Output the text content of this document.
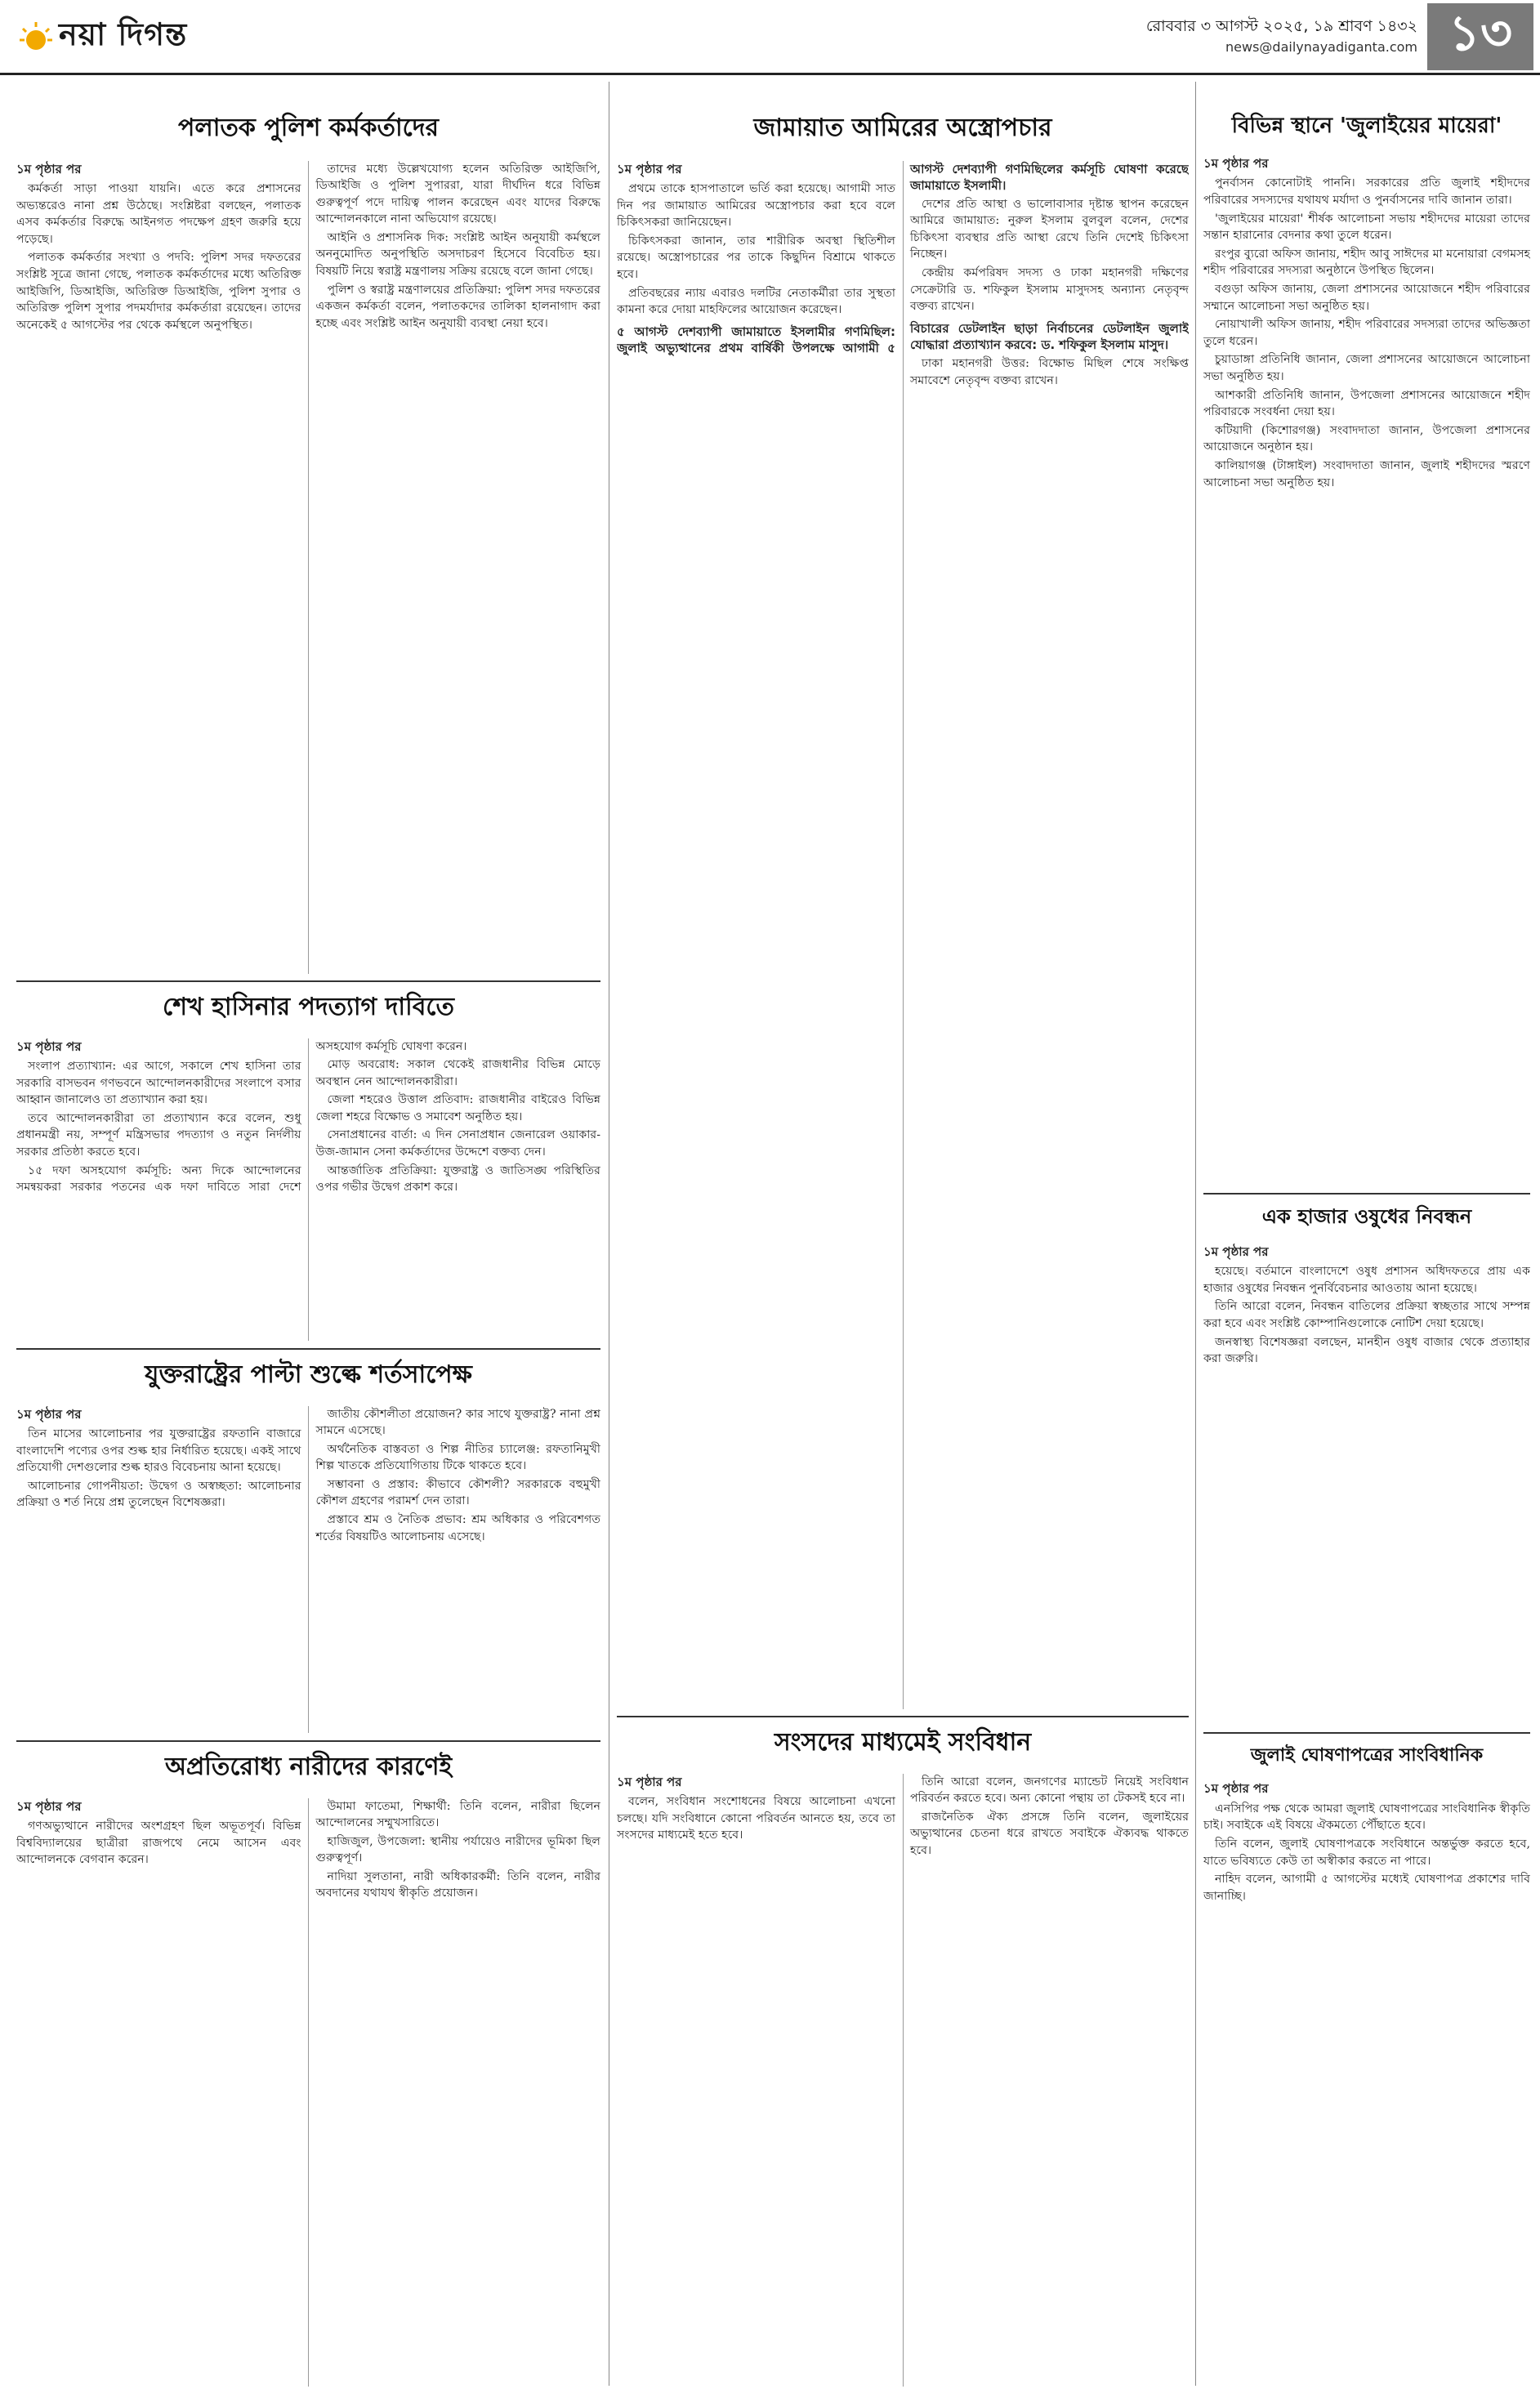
নয়া দিগন্ত	রোববার ৩ আগস্ট ২০২৫, ১৯ শ্রাবণ ১৪৩২
news@dailynayadiganta.com ১৩
পলাতক পুলিশ কর্মকর্তাদের
১ম পৃষ্ঠার পর

কর্মকর্তা সাড়া পাওয়া যায়নি। এতে করে প্রশাসনের অভ্যন্তরেও নানা প্রশ্ন উঠেছে। সংশ্লিষ্টরা বলছেন, পলাতক এসব কর্মকর্তার বিরুদ্ধে আইনগত পদক্ষেপ গ্রহণ জরুরি হয়ে পড়েছে।

পলাতক কর্মকর্তার সংখ্যা ও পদবি: পুলিশ সদর দফতরের সংশ্লিষ্ট সূত্রে জানা গেছে, পলাতক কর্মকর্তাদের মধ্যে অতিরিক্ত আইজিপি, ডিআইজি, অতিরিক্ত ডিআইজি, পুলিশ সুপার ও অতিরিক্ত পুলিশ সুপার পদমর্যাদার কর্মকর্তারা রয়েছেন। তাদের অনেকেই ৫ আগস্টের পর থেকে কর্মস্থলে অনুপস্থিত।

তাদের মধ্যে উল্লেখযোগ্য হলেন অতিরিক্ত আইজিপি, ডিআইজি ও পুলিশ সুপাররা, যারা দীর্ঘদিন ধরে বিভিন্ন গুরুত্বপূর্ণ পদে দায়িত্ব পালন করেছেন এবং যাদের বিরুদ্ধে আন্দোলনকালে নানা অভিযোগ রয়েছে।

আইনি ও প্রশাসনিক দিক: সংশ্লিষ্ট আইন অনুযায়ী কর্মস্থলে অননুমোদিত অনুপস্থিতি অসদাচরণ হিসেবে বিবেচিত হয়। বিষয়টি নিয়ে স্বরাষ্ট্র মন্ত্রণালয় সক্রিয় রয়েছে বলে জানা গেছে।

পুলিশ ও স্বরাষ্ট্র মন্ত্রণালয়ের প্রতিক্রিয়া: পুলিশ সদর দফতরের একজন কর্মকর্তা বলেন, পলাতকদের তালিকা হালনাগাদ করা হচ্ছে এবং সংশ্লিষ্ট আইন অনুযায়ী ব্যবস্থা নেয়া হবে।

শেখ হাসিনার পদত্যাগ দাবিতে
১ম পৃষ্ঠার পর

সংলাপ প্রত্যাখ্যান: এর আগে, সকালে শেখ হাসিনা তার সরকারি বাসভবন গণভবনে আন্দোলনকারীদের সংলাপে বসার আহ্বান জানালেও তা প্রত্যাখ্যান করা হয়।

তবে আন্দোলনকারীরা তা প্রত্যাখ্যান করে বলেন, শুধু প্রধানমন্ত্রী নয়, সম্পূর্ণ মন্ত্রিসভার পদত্যাগ ও নতুন নির্দলীয় সরকার প্রতিষ্ঠা করতে হবে।

১৫ দফা অসহযোগ কর্মসূচি: অন্য দিকে আন্দোলনের সমন্বয়করা সরকার পতনের এক দফা দাবিতে সারা দেশে অসহযোগ কর্মসূচি ঘোষণা করেন।

মোড় অবরোধ: সকাল থেকেই রাজধানীর বিভিন্ন মোড়ে অবস্থান নেন আন্দোলনকারীরা।

জেলা শহরেও উত্তাল প্রতিবাদ: রাজধানীর বাইরেও বিভিন্ন জেলা শহরে বিক্ষোভ ও সমাবেশ অনুষ্ঠিত হয়।

সেনাপ্রধানের বার্তা: এ দিন সেনাপ্রধান জেনারেল ওয়াকার-উজ-জামান সেনা কর্মকর্তাদের উদ্দেশে বক্তব্য দেন।

আন্তর্জাতিক প্রতিক্রিয়া: যুক্তরাষ্ট্র ও জাতিসঙ্ঘ পরিস্থিতির ওপর গভীর উদ্বেগ প্রকাশ করে।

যুক্তরাষ্ট্রের পাল্টা শুল্কে শর্তসাপেক্ষ
১ম পৃষ্ঠার পর

তিন মাসের আলোচনার পর যুক্তরাষ্ট্রের রফতানি বাজারে বাংলাদেশি পণ্যের ওপর শুল্ক হার নির্ধারিত হয়েছে। একই সাথে প্রতিযোগী দেশগুলোর শুল্ক হারও বিবেচনায় আনা হয়েছে।

আলোচনার গোপনীয়তা: উদ্বেগ ও অস্বচ্ছতা: আলোচনার প্রক্রিয়া ও শর্ত নিয়ে প্রশ্ন তুলেছেন বিশেষজ্ঞরা।

জাতীয় কৌশলীতা প্রয়োজন? কার সাথে যুক্তরাষ্ট্র? নানা প্রশ্ন সামনে এসেছে।

অর্থনৈতিক বাস্তবতা ও শিল্প নীতির চ্যালেঞ্জ: রফতানিমুখী শিল্প খাতকে প্রতিযোগিতায় টিকে থাকতে হবে।

সম্ভাবনা ও প্রস্তাব: কীভাবে কৌশলী? সরকারকে বহুমুখী কৌশল গ্রহণের পরামর্শ দেন তারা।

প্রস্তাবে শ্রম ও নৈতিক প্রভাব: শ্রম অধিকার ও পরিবেশগত শর্তের বিষয়টিও আলোচনায় এসেছে।

অপ্রতিরোধ্য নারীদের কারণেই
১ম পৃষ্ঠার পর

গণঅভ্যুত্থানে নারীদের অংশগ্রহণ ছিল অভূতপূর্ব। বিভিন্ন বিশ্ববিদ্যালয়ের ছাত্রীরা রাজপথে নেমে আসেন এবং আন্দোলনকে বেগবান করেন।

উমামা ফাতেমা, শিক্ষার্থী: তিনি বলেন, নারীরা ছিলেন আন্দোলনের সম্মুখসারিতে।

হাজিজুল, উপজেলা: স্থানীয় পর্যায়েও নারীদের ভূমিকা ছিল গুরুত্বপূর্ণ।

নাদিয়া সুলতানা, নারী অধিকারকর্মী: তিনি বলেন, নারীর অবদানের যথাযথ স্বীকৃতি প্রয়োজন।

জামায়াত আমিরের অস্ত্রোপচার
১ম পৃষ্ঠার পর

প্রথমে তাকে হাসপাতালে ভর্তি করা হয়েছে। আগামী সাত দিন পর জামায়াত আমিরের অস্ত্রোপচার করা হবে বলে চিকিৎসকরা জানিয়েছেন।

চিকিৎসকরা জানান, তার শারীরিক অবস্থা স্থিতিশীল রয়েছে। অস্ত্রোপচারের পর তাকে কিছুদিন বিশ্রামে থাকতে হবে।

প্রতিবছরের ন্যায় এবারও দলটির নেতাকর্মীরা তার সুস্থতা কামনা করে দোয়া মাহফিলের আয়োজন করেছেন।

৫ আগস্ট দেশব্যাপী জামায়াতে ইসলামীর গণমিছিল: জুলাই অভ্যুত্থানের প্রথম বার্ষিকী উপলক্ষে আগামী ৫ আগস্ট দেশব্যাপী গণমিছিলের কর্মসূচি ঘোষণা করেছে জামায়াতে ইসলামী।

দেশের প্রতি আস্থা ও ভালোবাসার দৃষ্টান্ত স্থাপন করেছেন আমিরে জামায়াত: নুরুল ইসলাম বুলবুল বলেন, দেশের চিকিৎসা ব্যবস্থার প্রতি আস্থা রেখে তিনি দেশেই চিকিৎসা নিচ্ছেন।

কেন্দ্রীয় কর্মপরিষদ সদস্য ও ঢাকা মহানগরী দক্ষিণের সেক্রেটারি ড. শফিকুল ইসলাম মাসুদসহ অন্যান্য নেতৃবৃন্দ বক্তব্য রাখেন।

বিচারের ডেটলাইন ছাড়া নির্বাচনের ডেটলাইন জুলাই যোদ্ধারা প্রত্যাখ্যান করবে: ড. শফিকুল ইসলাম মাসুদ।

ঢাকা মহানগরী উত্তর: বিক্ষোভ মিছিল শেষে সংক্ষিপ্ত সমাবেশে নেতৃবৃন্দ বক্তব্য রাখেন।

সংসদের মাধ্যমেই সংবিধান
১ম পৃষ্ঠার পর

বলেন, সংবিধান সংশোধনের বিষয়ে আলোচনা এখনো চলছে। যদি সংবিধানে কোনো পরিবর্তন আনতে হয়, তবে তা সংসদের মাধ্যমেই হতে হবে।

তিনি আরো বলেন, জনগণের ম্যান্ডেট নিয়েই সংবিধান পরিবর্তন করতে হবে। অন্য কোনো পন্থায় তা টেকসই হবে না।

রাজনৈতিক ঐক্য প্রসঙ্গে তিনি বলেন, জুলাইয়ের অভ্যুত্থানের চেতনা ধরে রাখতে সবাইকে ঐক্যবদ্ধ থাকতে হবে।

বিভিন্ন স্থানে 'জুলাইয়ের মায়েরা'
১ম পৃষ্ঠার পর

পুনর্বাসন কোনোটাই পাননি। সরকারের প্রতি জুলাই শহীদদের পরিবারের সদস্যদের যথাযথ মর্যাদা ও পুনর্বাসনের দাবি জানান তারা।

'জুলাইয়ের মায়েরা' শীর্ষক আলোচনা সভায় শহীদদের মায়েরা তাদের সন্তান হারানোর বেদনার কথা তুলে ধরেন।

রংপুর ব্যুরো অফিস জানায়, শহীদ আবু সাঈদের মা মনোয়ারা বেগমসহ শহীদ পরিবারের সদস্যরা অনুষ্ঠানে উপস্থিত ছিলেন।

বগুড়া অফিস জানায়, জেলা প্রশাসনের আয়োজনে শহীদ পরিবারের সম্মানে আলোচনা সভা অনুষ্ঠিত হয়।

নোয়াখালী অফিস জানায়, শহীদ পরিবারের সদস্যরা তাদের অভিজ্ঞতা তুলে ধরেন।

চুয়াডাঙ্গা প্রতিনিধি জানান, জেলা প্রশাসনের আয়োজনে আলোচনা সভা অনুষ্ঠিত হয়।

আশকারী প্রতিনিধি জানান, উপজেলা প্রশাসনের আয়োজনে শহীদ পরিবারকে সংবর্ধনা দেয়া হয়।

কটিয়াদী (কিশোরগঞ্জ) সংবাদদাতা জানান, উপজেলা প্রশাসনের আয়োজনে অনুষ্ঠান হয়।

কালিয়াগঞ্জ (টাঙ্গাইল) সংবাদদাতা জানান, জুলাই শহীদদের স্মরণে আলোচনা সভা অনুষ্ঠিত হয়।

এক হাজার ওষুধের নিবন্ধন
১ম পৃষ্ঠার পর

হয়েছে। বর্তমানে বাংলাদেশে ওষুধ প্রশাসন অধিদফতরে প্রায় এক হাজার ওষুধের নিবন্ধন পুনর্বিবেচনার আওতায় আনা হয়েছে।

তিনি আরো বলেন, নিবন্ধন বাতিলের প্রক্রিয়া স্বচ্ছতার সাথে সম্পন্ন করা হবে এবং সংশ্লিষ্ট কোম্পানিগুলোকে নোটিশ দেয়া হয়েছে।

জনস্বাস্থ্য বিশেষজ্ঞরা বলছেন, মানহীন ওষুধ বাজার থেকে প্রত্যাহার করা জরুরি।

জুলাই ঘোষণাপত্রের সাংবিধানিক
১ম পৃষ্ঠার পর

এনসিপির পক্ষ থেকে আমরা জুলাই ঘোষণাপত্রের সাংবিধানিক স্বীকৃতি চাই। সবাইকে এই বিষয়ে ঐকমত্যে পৌঁছাতে হবে।

তিনি বলেন, জুলাই ঘোষণাপত্রকে সংবিধানে অন্তর্ভুক্ত করতে হবে, যাতে ভবিষ্যতে কেউ তা অস্বীকার করতে না পারে।

নাহিদ বলেন, আগামী ৫ আগস্টের মধ্যেই ঘোষণাপত্র প্রকাশের দাবি জানাচ্ছি।
